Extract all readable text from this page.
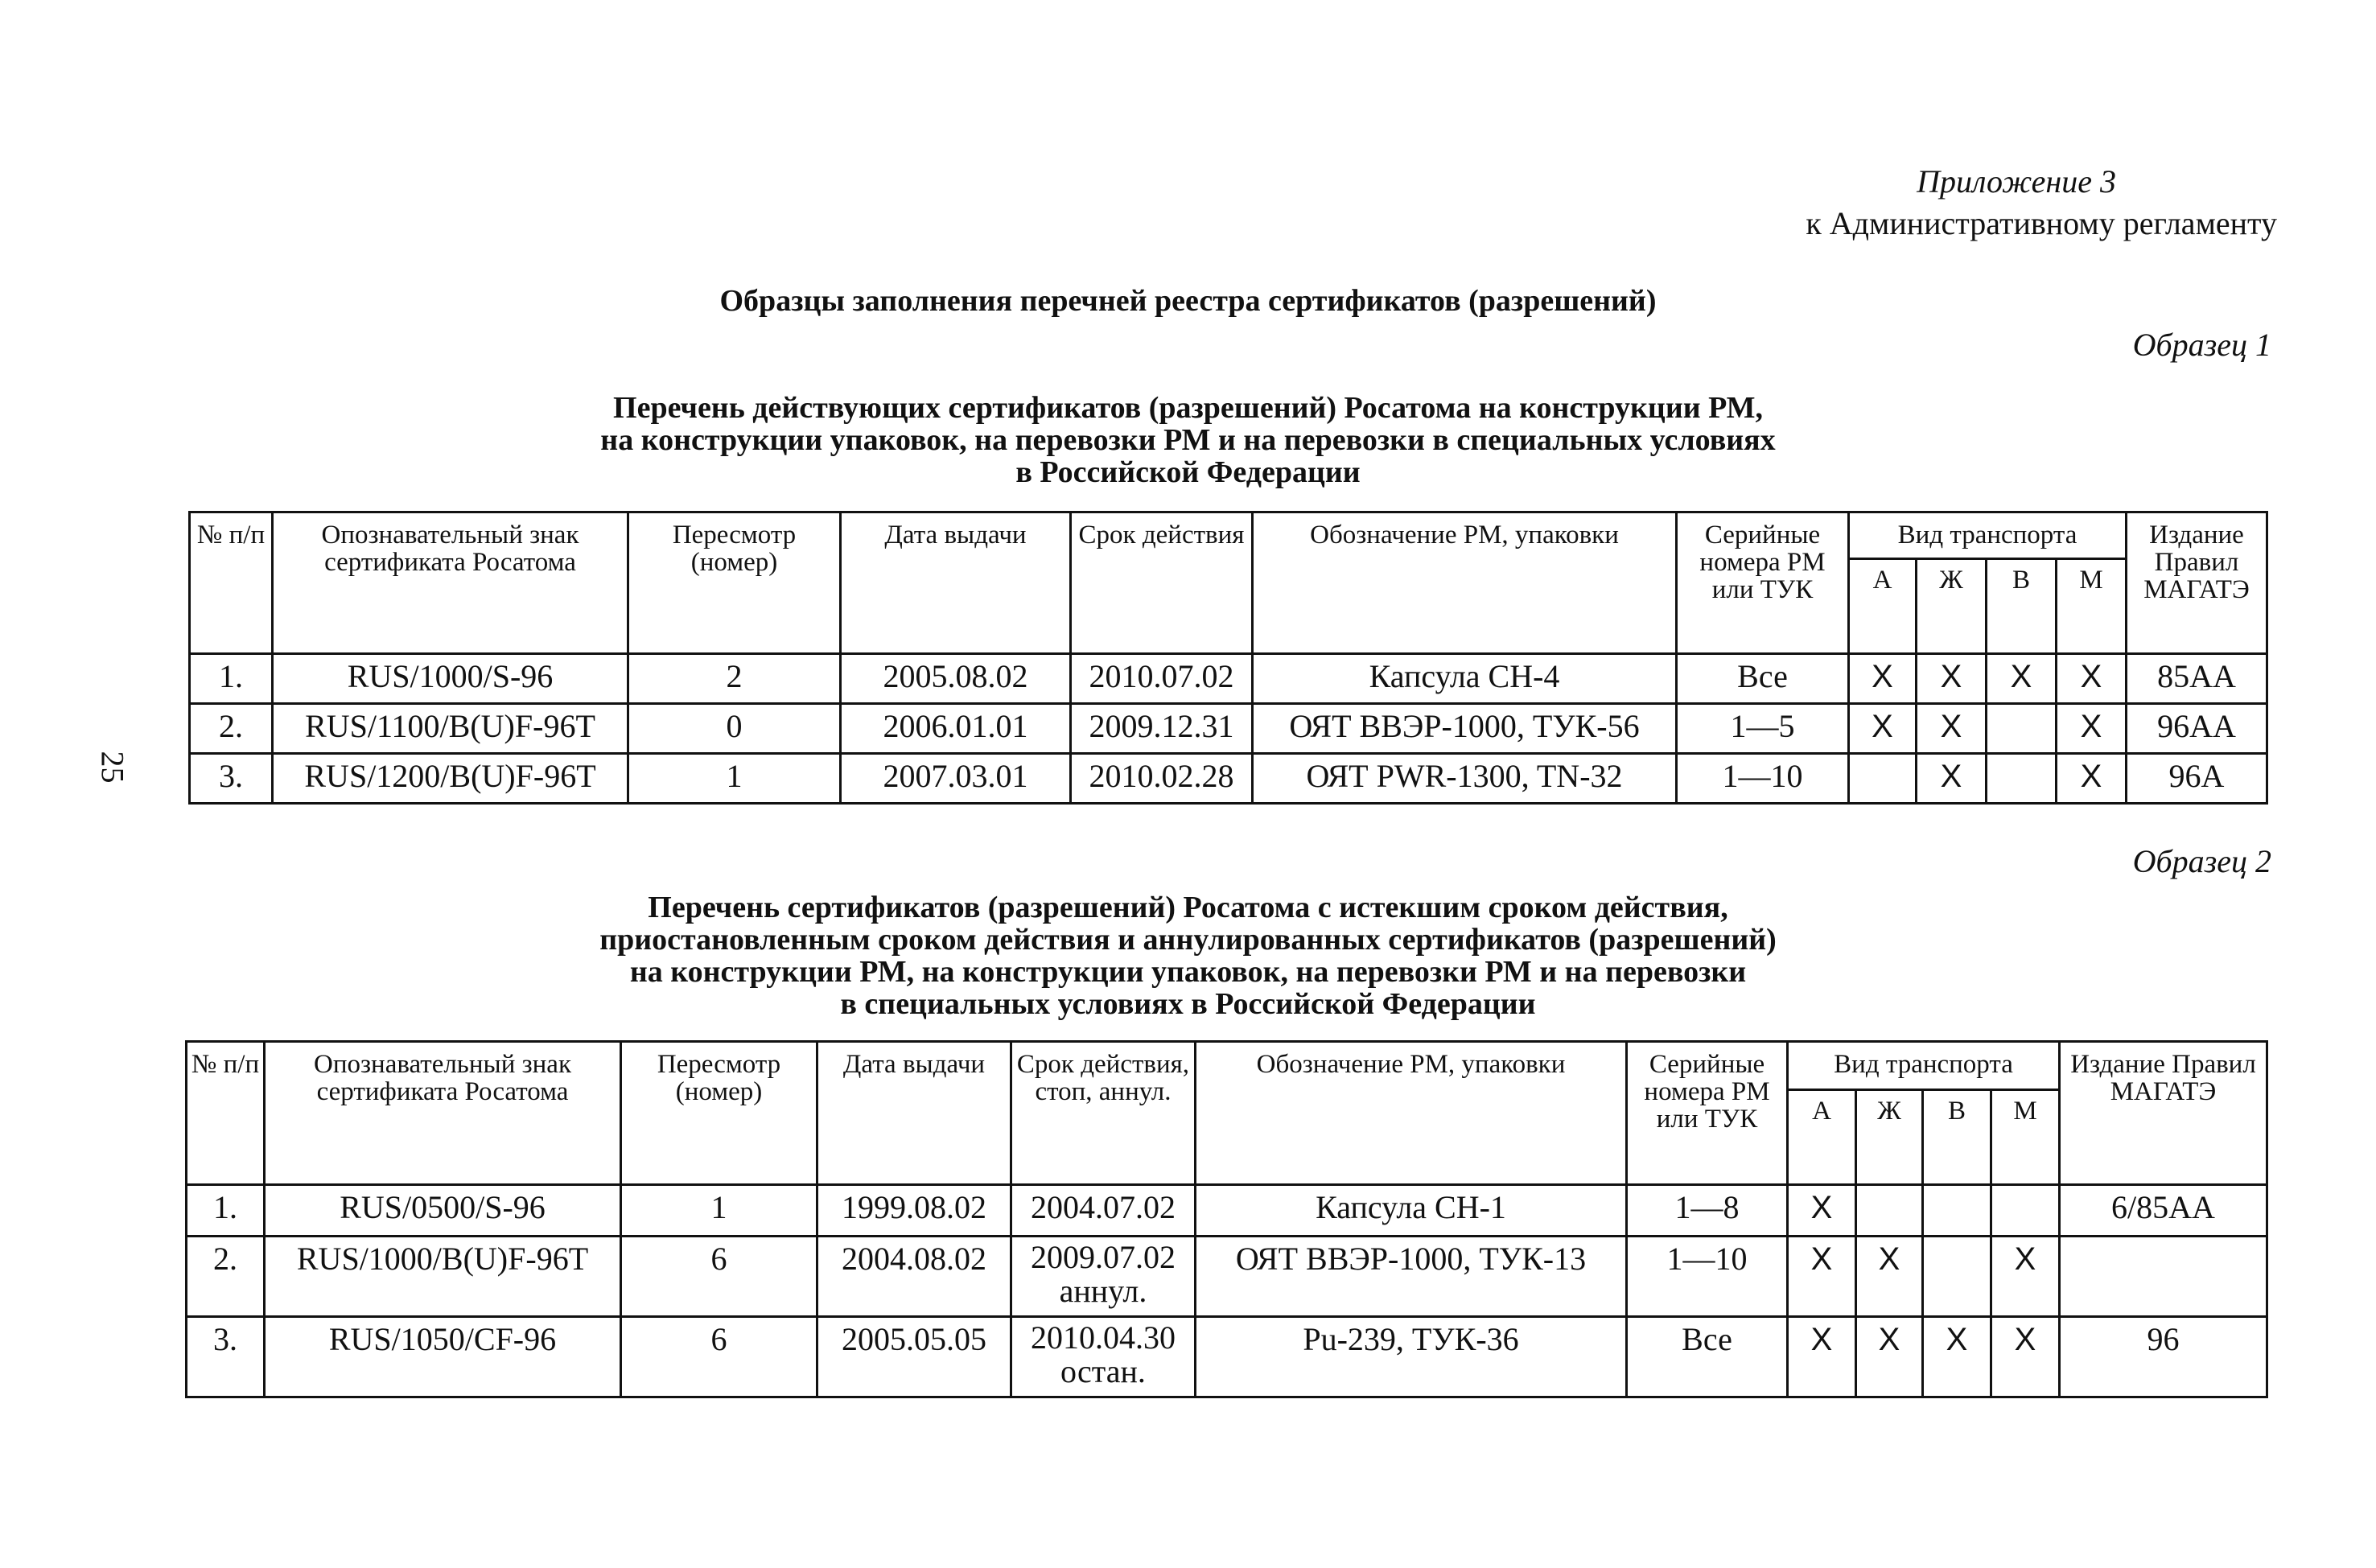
25
Приложение 3
к Административному регламенту
Образцы заполнения перечней реестра сертификатов (разрешений)
Образец 1
Перечень действующих сертификатов (разрешений) Росатома на конструкции РМ,
на конструкции упаковок, на перевозки РМ и на перевозки в специальных условиях
в Российской Федерации
№ п/п	Опознавательный знак сертификата Росатома	Пересмотр (номер)	Дата выдачи	Срок действия	Обозначение РМ, упаковки	Серийные номера РМ или ТУК	Вид транспорта				Издание Правил МАГАТЭ
							А	Ж	В	М	
1.	RUS/1000/S-96	2	2005.08.02	2010.07.02	Капсула СН-4	Все	X	X	X	X	85АА
2.	RUS/1100/B(U)F-96T	0	2006.01.01	2009.12.31	ОЯТ ВВЭР-1000, ТУК-56	1—5	X	X		X	96АА
3.	RUS/1200/B(U)F-96T	1	2007.03.01	2010.02.28	ОЯТ PWR-1300, TN-32	1—10		X		X	96А
Образец 2
Перечень сертификатов (разрешений) Росатома с истекшим сроком действия,
приостановленным сроком действия и аннулированных сертификатов (разрешений)
на конструкции РМ, на конструкции упаковок, на перевозки РМ и на перевозки
в специальных условиях в Российской Федерации
№ п/п	Опознавательный знак сертификата Росатома	Пересмотр (номер)	Дата выдачи	Срок действия, стоп, аннул.	Обозначение РМ, упаковки	Серийные номера РМ или ТУК	Вид транспорта				Издание Правил МАГАТЭ
							А	Ж	В	М	
1.	RUS/0500/S-96	1	1999.08.02	2004.07.02	Капсула СН-1	1—8	X				6/85АА
2.	RUS/1000/B(U)F-96T	6	2004.08.02	2009.07.02 аннул.	ОЯТ ВВЭР-1000, ТУК-13	1—10	X	X		X	
3.	RUS/1050/CF-96	6	2005.05.05	2010.04.30 остан.	Pu-239, ТУК-36	Все	X	X	X	X	96
